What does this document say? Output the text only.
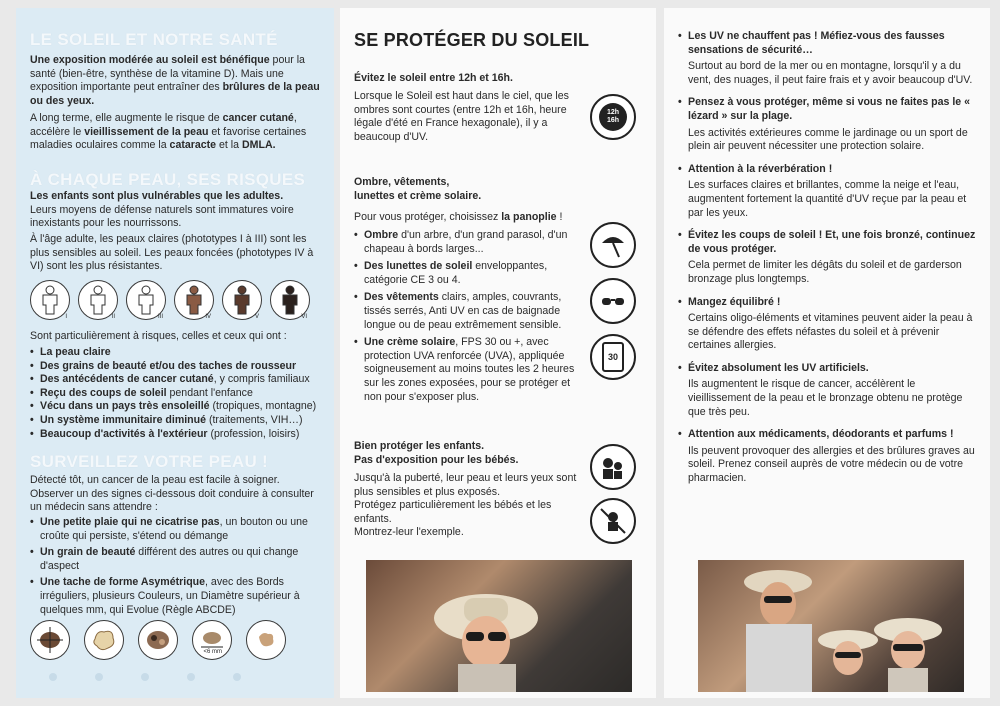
LE SOLEIL ET NOTRE SANTÉ
Une exposition modérée au soleil est bénéfique pour la santé (bien-être, synthèse de la vitamine D). Mais une exposition importante peut entraîner des brûlures de la peau ou des yeux.
A long terme, elle augmente le risque de cancer cutané, accélère le vieillissement de la peau et favorise certaines maladies oculaires comme la cataracte et la DMLA.
À CHAQUE PEAU, SES RISQUES
Les enfants sont plus vulnérables que les adultes.
Leurs moyens de défense naturels sont immatures voire inexistants pour les nourrissons.
À l'âge adulte, les peaux claires (phototypes I à III) sont les plus sensibles au soleil. Les peaux foncées (phototypes IV à VI) sont les plus résistantes.
I	II	III	IV	V	VI
Sont particulièrement à risques, celles et ceux qui ont :
• La peau claire
• Des grains de beauté et/ou des taches de rousseur
• Des antécédents de cancer cutané, y compris familiaux
• Reçu des coups de soleil pendant l'enfance
• Vécu dans un pays très ensoleillé (tropiques, montagne)
• Un système immunitaire diminué (traitements, VIH…)
• Beaucoup d'activités à l'extérieur (profession, loisirs)
SURVEILLEZ VOTRE PEAU !
Détecté tôt, un cancer de la peau est facile à soigner. Observer un des signes ci-dessous doit conduire à consulter un médecin sans attendre :
• Une petite plaie qui ne cicatrise pas, un bouton ou une croûte qui persiste, s'étend ou démange
• Un grain de beauté différent des autres ou qui change d'aspect
• Une tache de forme Asymétrique, avec des Bords irréguliers, plusieurs Couleurs, un Diamètre supérieur à quelques mm, qui Evolue (Règle ABCDE)
<6 mm
SE PROTÉGER DU SOLEIL
Évitez le soleil entre 12h et 16h.
Lorsque le Soleil est haut dans le ciel, que les ombres sont courtes (entre 12h et 16h, heure légale d'été en France hexagonale), il y a beaucoup d'UV.
12h
16h
Ombre, vêtements,
lunettes et crème solaire.
Pour vous protéger, choisissez la panoplie !
• Ombre d'un arbre, d'un grand parasol, d'un chapeau à bords larges...
• Des lunettes de soleil enveloppantes, catégorie CE 3 ou 4.
• Des vêtements clairs, amples, couvrants, tissés serrés, Anti UV en cas de baignade longue ou de peau extrêmement sensible.
• Une crème solaire, FPS 30 ou +, avec protection UVA renforcée (UVA), appliquée soigneusement au moins toutes les 2 heures sur les zones exposées, pour se protéger et non pour s'exposer plus.
30
Bien protéger les enfants.
Pas d'exposition pour les bébés.
Jusqu'à la puberté, leur peau et leurs yeux sont plus sensibles et plus exposés.
Protégez particulièrement les bébés et les enfants.
Montrez-leur l'exemple.
• Les UV ne chauffent pas ! Méfiez-vous des fausses sensations de sécurité…
Surtout au bord de la mer ou en montagne, lorsqu'il y a du vent, des nuages, il peut faire frais et y avoir beaucoup d'UV.
• Pensez à vous protéger, même si vous ne faites pas le « lézard » sur la plage.
Les activités extérieures comme le jardinage ou un sport de plein air peuvent nécessiter une protection solaire.
• Attention à la réverbération !
Les surfaces claires et brillantes, comme la neige et l'eau, augmentent fortement la quantité d'UV reçue par la peau et par les yeux.
• Évitez les coups de soleil ! Et, une fois bronzé, continuez de vous protéger.
Cela permet de limiter les dégâts du soleil et de garderson bronzage plus longtemps.
• Mangez équilibré !
Certains oligo-éléments et vitamines peuvent aider la peau à se défendre des effets néfastes du soleil et à prévenir certaines allergies.
• Évitez absolument les UV artificiels.
Ils augmentent le risque de cancer, accélèrent le vieillissement de la peau et le bronzage obtenu ne protège que très peu.
• Attention aux médicaments, déodorants et parfums !
Ils peuvent provoquer des allergies et des brûlures graves au soleil. Prenez conseil auprès de votre médecin ou de votre pharmacien.
